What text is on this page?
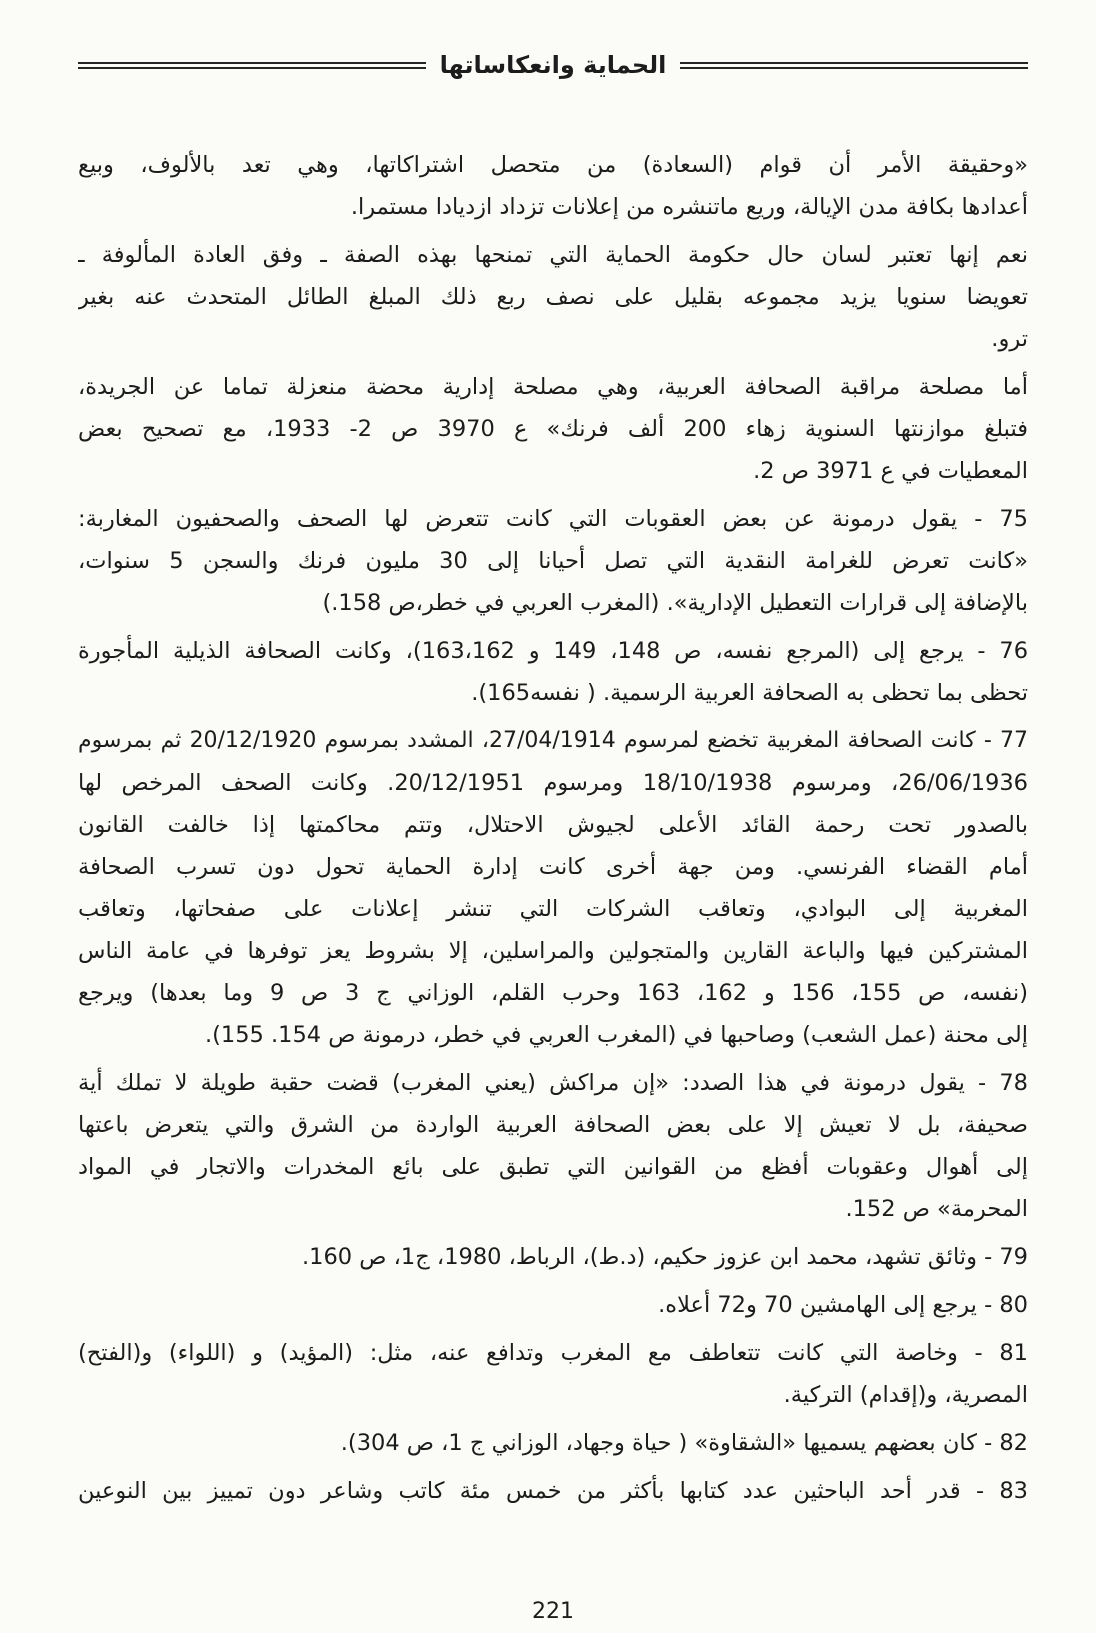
الحماية وانعكاساتها
«وحقيقة الأمر أن قوام (السعادة) من متحصل اشتراكاتها، وهي تعد بالألوف، وبيع
أعدادها بكافة مدن الإيالة، وريع ماتنشره من إعلانات تزداد ازديادا مستمرا.
نعم إنها تعتبر لسان حال حكومة الحماية التي تمنحها بهذه الصفة ـ وفق العادة المألوفة ـ
تعويضا سنويا يزيد مجموعه بقليل على نصف ربع ذلك المبلغ الطائل المتحدث عنه بغير
ترو.
أما مصلحة مراقبة الصحافة العربية، وهي مصلحة إدارية محضة منعزلة تماما عن الجريدة،
فتبلغ موازنتها السنوية زهاء 200 ألف فرنك» ع 3970 ص 2- 1933، مع تصحيح بعض
المعطيات في ع 3971 ص 2.
75 - يقول درمونة عن بعض العقوبات التي كانت تتعرض لها الصحف والصحفيون المغاربة:
«كانت تعرض للغرامة النقدية التي تصل أحيانا إلى 30 مليون فرنك والسجن 5 سنوات،
بالإضافة إلى قرارات التعطيل الإدارية». (المغرب العربي في خطر،ص 158.)
76 - يرجع إلى (المرجع نفسه، ص 148، 149 و 163،162)، وكانت الصحافة الذيلية المأجورة
تحظى بما تحظى به الصحافة العربية الرسمية. ( نفسه165).
77 - كانت الصحافة المغربية تخضع لمرسوم 27/04/1914، المشدد بمرسوم 20/12/1920 ثم بمرسوم
26/06/1936، ومرسوم 18/10/1938 ومرسوم 20/12/1951. وكانت الصحف المرخص لها
بالصدور تحت رحمة القائد الأعلى لجيوش الاحتلال، وتتم محاكمتها إذا خالفت القانون
أمام القضاء الفرنسي. ومن جهة أخرى كانت إدارة الحماية تحول دون تسرب الصحافة
المغربية إلى البوادي، وتعاقب الشركات التي تنشر إعلانات على صفحاتها، وتعاقب
المشتركين فيها والباعة القارين والمتجولين والمراسلين، إلا بشروط يعز توفرها في عامة الناس
(نفسه، ص 155، 156 و 162، 163 وحرب القلم، الوزاني ج 3 ص 9 وما بعدها) ويرجع
إلى محنة (عمل الشعب) وصاحبها في (المغرب العربي في خطر، درمونة ص 154. 155).
78 - يقول درمونة في هذا الصدد: «إن مراكش (يعني المغرب) قضت حقبة طويلة لا تملك أية
صحيفة، بل لا تعيش إلا على بعض الصحافة العربية الواردة من الشرق والتي يتعرض باعتها
إلى أهوال وعقوبات أفظع من القوانين التي تطبق على بائع المخدرات والاتجار في المواد
المحرمة» ص 152.
79 - وثائق تشهد، محمد ابن عزوز حكيم، (د.ط)، الرباط، 1980، ج1، ص 160.
80 - يرجع إلى الهامشين 70 و72 أعلاه.
81 - وخاصة التي كانت تتعاطف مع المغرب وتدافع عنه، مثل: (المؤيد) و (اللواء) و(الفتح)
المصرية، و(إقدام) التركية.
82 - كان بعضهم يسميها «الشقاوة» ( حياة وجهاد، الوزاني ج 1، ص 304).
83 - قدر أحد الباحثين عدد كتابها بأكثر من خمس مئة كاتب وشاعر دون تمييز بين النوعين
221
